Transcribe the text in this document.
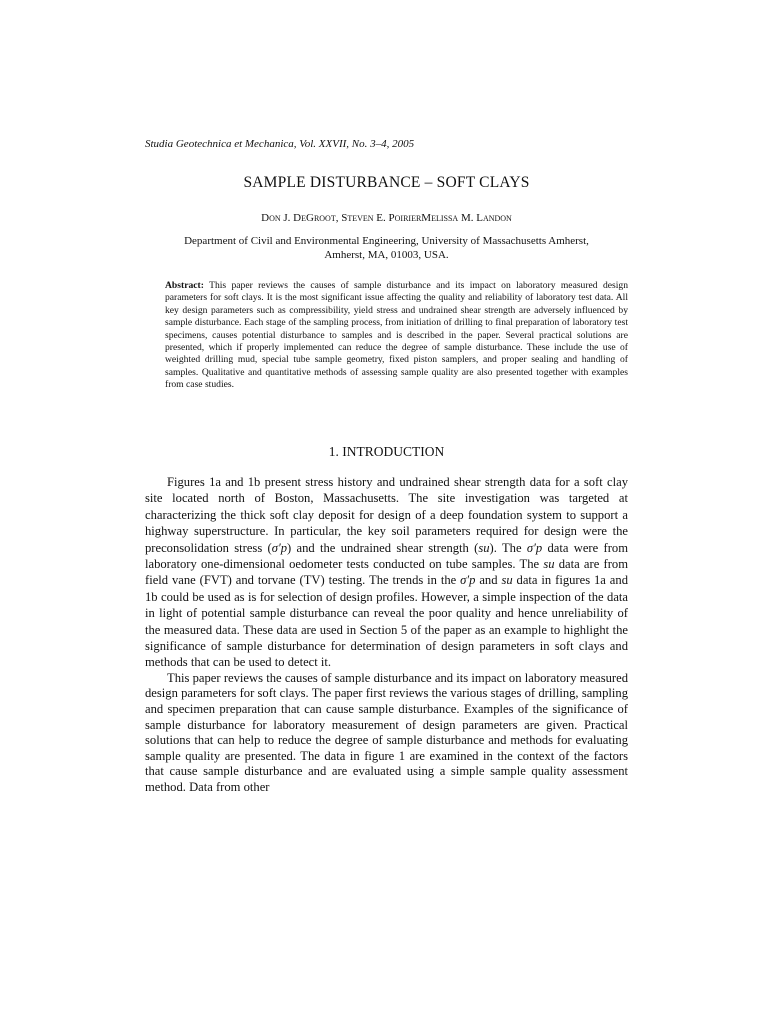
Studia Geotechnica et Mechanica, Vol. XXVII, No. 3–4, 2005
SAMPLE DISTURBANCE – SOFT CLAYS
Don J. DeGroot, Steven E. PoirierMelissa M. Landon
Department of Civil and Environmental Engineering, University of Massachusetts Amherst, Amherst, MA, 01003, USA.
Abstract: This paper reviews the causes of sample disturbance and its impact on laboratory measured design parameters for soft clays. It is the most significant issue affecting the quality and reliability of laboratory test data. All key design parameters such as compressibility, yield stress and undrained shear strength are adversely influenced by sample disturbance. Each stage of the sampling process, from initiation of drilling to final preparation of laboratory test specimens, causes potential disturbance to samples and is described in the paper. Several practical solutions are presented, which if properly implemented can reduce the degree of sample disturbance. These include the use of weighted drilling mud, special tube sample geometry, fixed piston samplers, and proper sealing and handling of samples. Qualitative and quantitative methods of assessing sample quality are also presented together with examples from case studies.
1. INTRODUCTION

Figures 1a and 1b present stress history and undrained shear strength data for a soft clay site located north of Boston, Massachusetts. The site investigation was targeted at characterizing the thick soft clay deposit for design of a deep foundation system to support a highway superstructure. In particular, the key soil parameters required for design were the preconsolidation stress (σ′p) and the undrained shear strength (su). The σ′p data were from laboratory one-dimensional oedometer tests conducted on tube samples. The su data are from field vane (FVT) and torvane (TV) testing. The trends in the σ′p and su data in figures 1a and 1b could be used as is for selection of design profiles. However, a simple inspection of the data in light of potential sample disturbance can reveal the poor quality and hence unreliability of the measured data. These data are used in Section 5 of the paper as an example to highlight the significance of sample disturbance for determination of design parameters in soft clays and methods that can be used to detect it.

This paper reviews the causes of sample disturbance and its impact on laboratory measured design parameters for soft clays. The paper first reviews the various stages of drilling, sampling and specimen preparation that can cause sample disturbance. Examples of the significance of sample disturbance for laboratory measurement of design parameters are given. Practical solutions that can help to reduce the degree of sample disturbance and methods for evaluating sample quality are presented. The data in figure 1 are examined in the context of the factors that cause sample disturbance and are evaluated using a simple sample quality assessment method. Data from other
